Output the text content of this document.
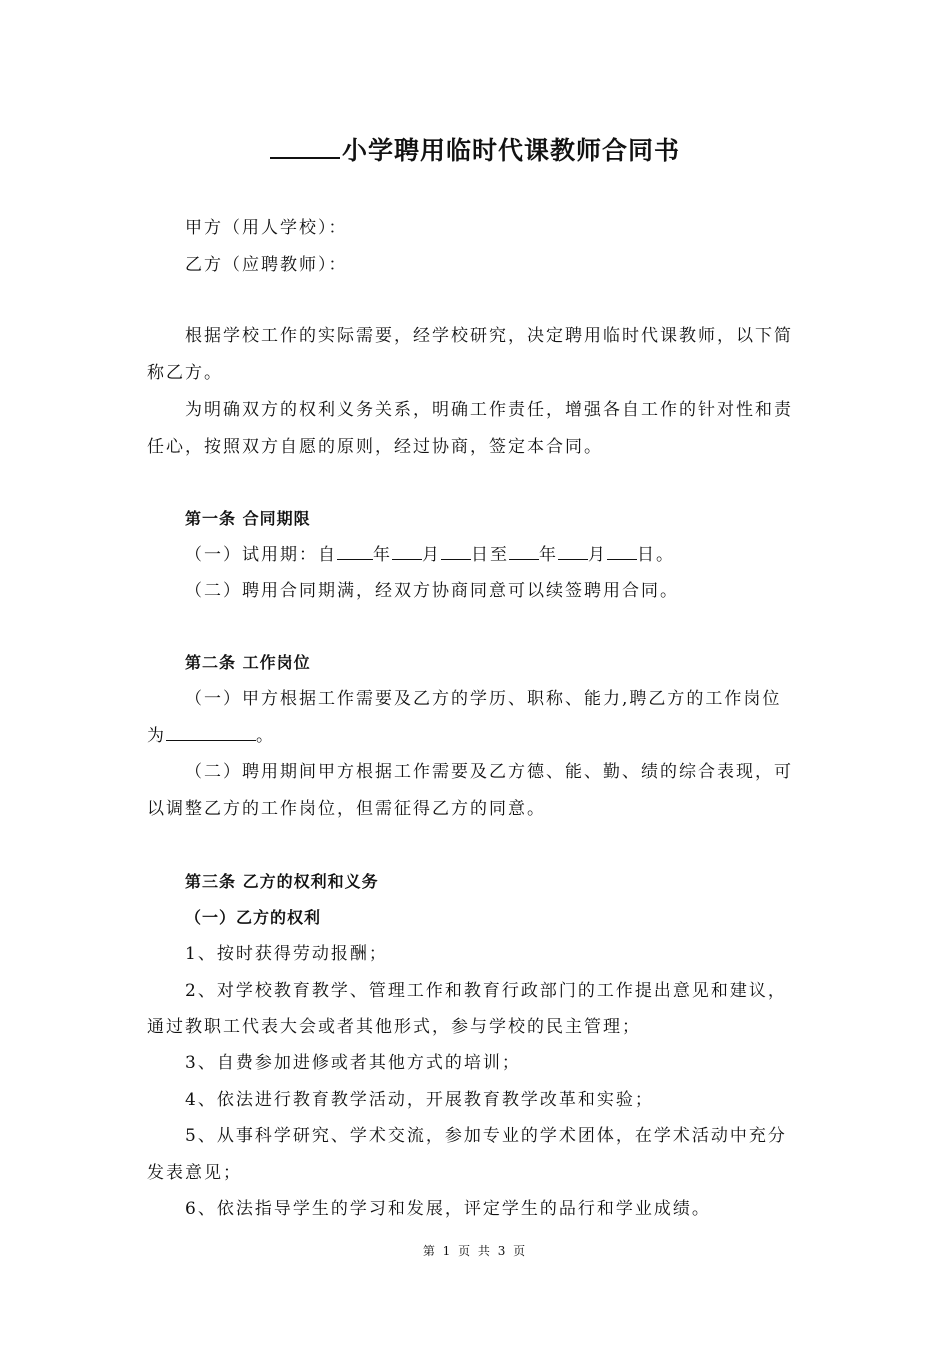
小学聘用临时代课教师合同书
甲方（用人学校）：
乙方（应聘教师）：
根据学校工作的实际需要，经学校研究，决定聘用临时代课教师，以下简
称乙方。
为明确双方的权利义务关系，明确工作责任，增强各自工作的针对性和责
任心，按照双方自愿的原则，经过协商，签定本合同。
第一条 合同期限
（一）试用期：自 年 月 日至 年 月 日。
（二）聘用合同期满，经双方协商同意可以续签聘用合同。
第二条 工作岗位
（一）甲方根据工作需要及乙方的学历、职称、能力,聘乙方的工作岗位
为	。
（二）聘用期间甲方根据工作需要及乙方德、能、勤、绩的综合表现，可
以调整乙方的工作岗位，但需征得乙方的同意。
第三条 乙方的权利和义务
（一）乙方的权利
1、按时获得劳动报酬；
2、对学校教育教学、管理工作和教育行政部门的工作提出意见和建议，
通过教职工代表大会或者其他形式，参与学校的民主管理；
3、自费参加进修或者其他方式的培训；
4、依法进行教育教学活动，开展教育教学改革和实验；
5、从事科学研究、学术交流，参加专业的学术团体，在学术活动中充分
发表意见；
6、依法指导学生的学习和发展，评定学生的品行和学业成绩。
第 1 页 共 3 页
